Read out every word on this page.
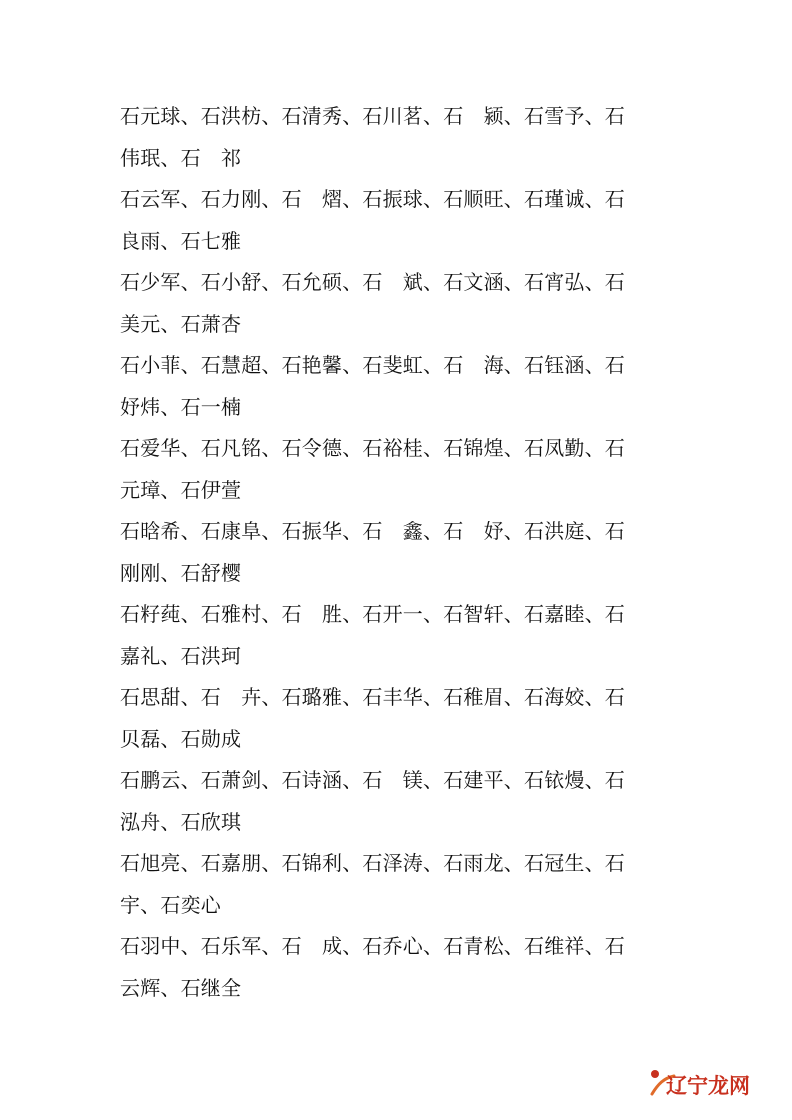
石元球、石洪枋、石清秀、石川茗、石　颍、石雪予、石
伟珉、石　祁
石云军、石力刚、石　熠、石振球、石顺旺、石瑾诚、石
良雨、石七雅
石少军、石小舒、石允硕、石　斌、石文涵、石宵弘、石
美元、石萧杏
石小菲、石慧超、石艳馨、石斐虹、石　海、石钰涵、石
妤炜、石一楠
石爱华、石凡铭、石令德、石裕桂、石锦煌、石凤勤、石
元璋、石伊萱
石晗希、石康阜、石振华、石　鑫、石　妤、石洪庭、石
刚刚、石舒樱
石籽莼、石雅村、石　胜、石开一、石智轩、石嘉睦、石
嘉礼、石洪珂
石思甜、石　卉、石璐雅、石丰华、石稚眉、石海姣、石
贝磊、石勋成
石鹏云、石萧剑、石诗涵、石　镁、石建平、石铱熳、石
泓舟、石欣琪
石旭亮、石嘉朋、石锦利、石泽涛、石雨龙、石冠生、石
宇、石奕心
石羽中、石乐军、石　成、石乔心、石青松、石维祥、石
云辉、石继全
辽宁龙网
